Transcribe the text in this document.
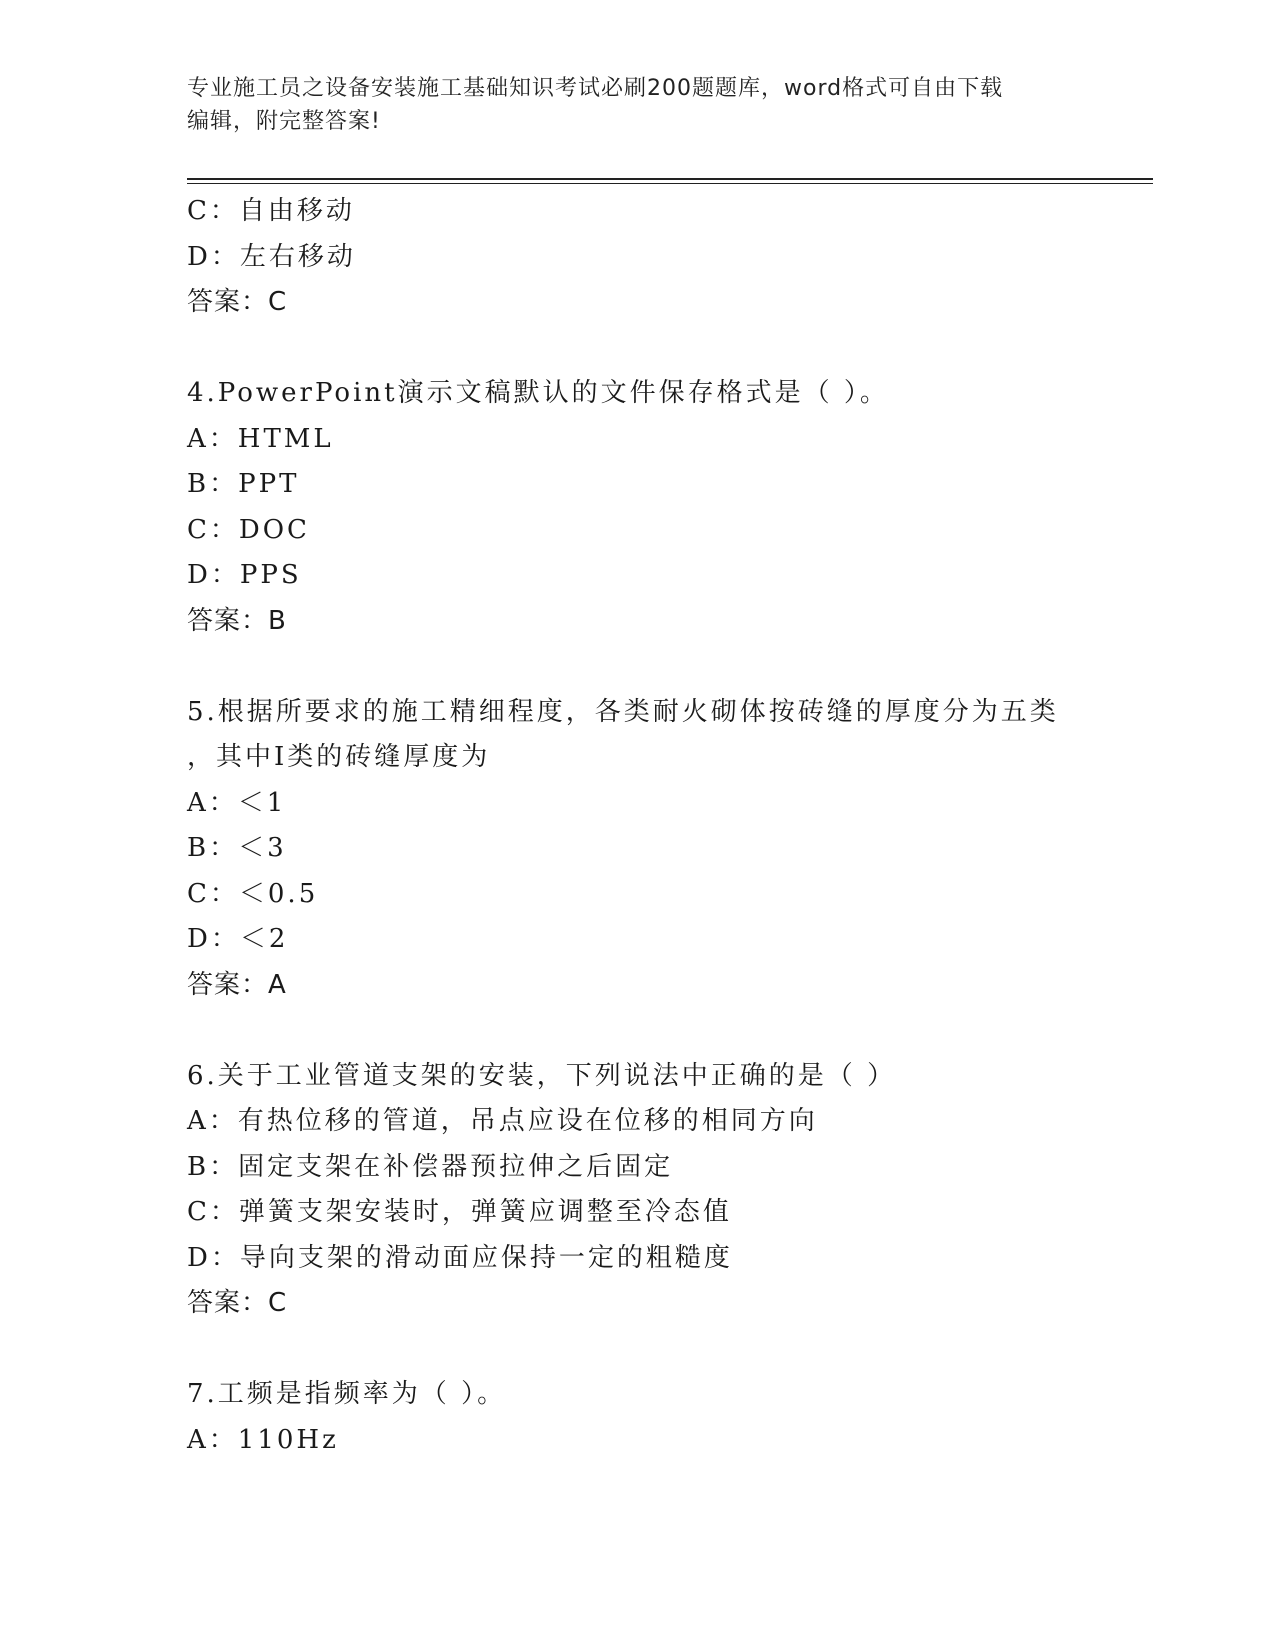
专业施工员之设备安装施工基础知识考试必刷200题题库，word格式可自由下载
编辑，附完整答案!
C：自由移动
D：左右移动
答案：C
4.PowerPoint演示文稿默认的文件保存格式是（ ）。
A：HTML
B：PPT
C：DOC
D：PPS
答案：B
5.根据所要求的施工精细程度，各类耐火砌体按砖缝的厚度分为五类
，其中Ⅰ类的砖缝厚度为
A：＜1
B：＜3
C：＜0.5
D：＜2
答案：A
6.关于工业管道支架的安装，下列说法中正确的是（ ）
A：有热位移的管道，吊点应设在位移的相同方向
B：固定支架在补偿器预拉伸之后固定
C：弹簧支架安装时，弹簧应调整至冷态值
D：导向支架的滑动面应保持一定的粗糙度
答案：C
7.工频是指频率为（ ）。
A：110Hz
